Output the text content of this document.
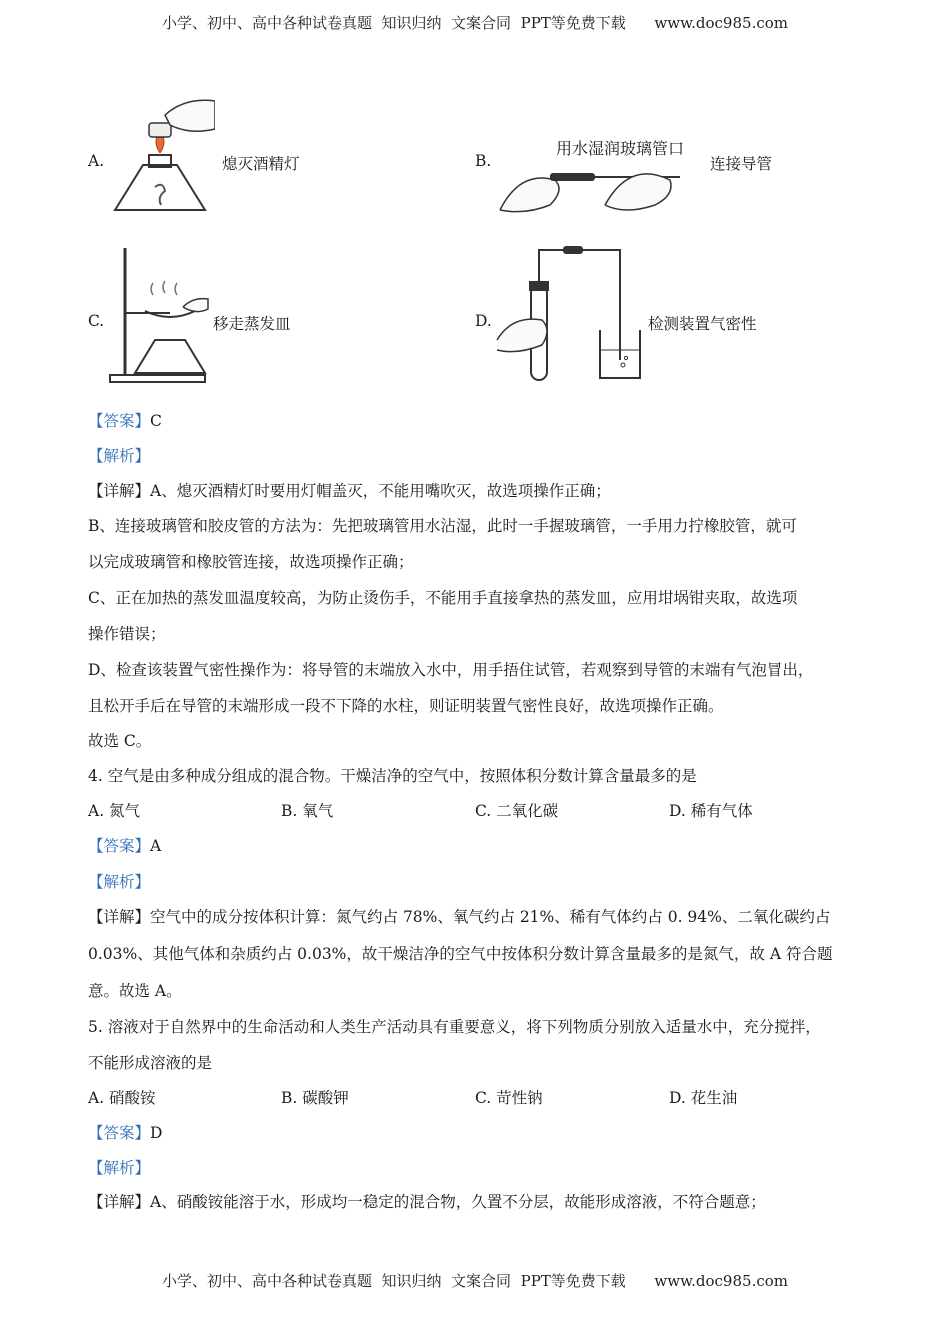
小学、初中、高中各种试卷真题  知识归纳  文案合同  PPT等免费下载      www.doc985.com
A.	熄灭酒精灯	B.
用水湿润玻璃管口
连接导管
C.	移走蒸发皿	D.	检测装置气密性
【答案】C
【解析】
【详解】A、熄灭酒精灯时要用灯帽盖灭，不能用嘴吹灭，故选项操作正确；
B、连接玻璃管和胶皮管的方法为：先把玻璃管用水沾湿，此时一手握玻璃管，一手用力拧橡胶管，就可
以完成玻璃管和橡胶管连接，故选项操作正确；
C、正在加热的蒸发皿温度较高，为防止烫伤手，不能用手直接拿热的蒸发皿，应用坩埚钳夹取，故选项
操作错误；
D、检查该装置气密性操作为：将导管的末端放入水中，用手捂住试管，若观察到导管的末端有气泡冒出，
且松开手后在导管的末端形成一段不下降的水柱，则证明装置气密性良好，故选项操作正确。
故选 C。
4. 空气是由多种成分组成的混合物。干燥洁净的空气中，按照体积分数计算含量最多的是
A. 氮气	B. 氧气	C. 二氧化碳	D. 稀有气体
【答案】A
【解析】
【详解】空气中的成分按体积计算：氮气约占 78%、氧气约占 21%、稀有气体约占 0. 94%、二氧化碳约占
0.03%、其他气体和杂质约占 0.03%，故干燥洁净的空气中按体积分数计算含量最多的是氮气，故 A 符合题
意。故选 A。
5. 溶液对于自然界中的生命活动和人类生产活动具有重要意义，将下列物质分别放入适量水中，充分搅拌，
不能形成溶液的是
A. 硝酸铵	B. 碳酸钾	C. 苛性钠	D. 花生油
【答案】D
【解析】
【详解】A、硝酸铵能溶于水，形成均一稳定的混合物，久置不分层，故能形成溶液，不符合题意；
小学、初中、高中各种试卷真题  知识归纳  文案合同  PPT等免费下载      www.doc985.com
